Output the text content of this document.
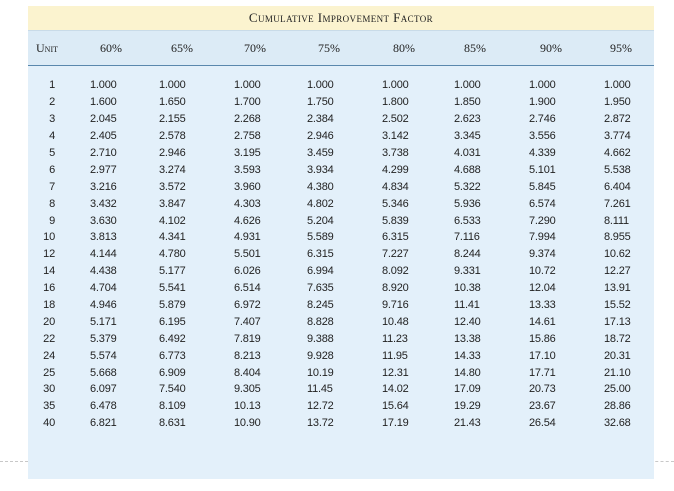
Cumulative Improvement Factor
Unit	60%	65%	70%	75%	80%	85%	90%	95%
1	1.000	1.000	1.000	1.000	1.000	1.000	1.000	1.000
2	1.600	1.650	1.700	1.750	1.800	1.850	1.900	1.950
3	2.045	2.155	2.268	2.384	2.502	2.623	2.746	2.872
4	2.405	2.578	2.758	2.946	3.142	3.345	3.556	3.774
5	2.710	2.946	3.195	3.459	3.738	4.031	4.339	4.662
6	2.977	3.274	3.593	3.934	4.299	4.688	5.101	5.538
7	3.216	3.572	3.960	4.380	4.834	5.322	5.845	6.404
8	3.432	3.847	4.303	4.802	5.346	5.936	6.574	7.261
9	3.630	4.102	4.626	5.204	5.839	6.533	7.290	8.111
10	3.813	4.341	4.931	5.589	6.315	7.116	7.994	8.955
12	4.144	4.780	5.501	6.315	7.227	8.244	9.374	10.62
14	4.438	5.177	6.026	6.994	8.092	9.331	10.72	12.27
16	4.704	5.541	6.514	7.635	8.920	10.38	12.04	13.91
18	4.946	5.879	6.972	8.245	9.716	11.41	13.33	15.52
20	5.171	6.195	7.407	8.828	10.48	12.40	14.61	17.13
22	5.379	6.492	7.819	9.388	11.23	13.38	15.86	18.72
24	5.574	6.773	8.213	9.928	11.95	14.33	17.10	20.31
25	5.668	6.909	8.404	10.19	12.31	14.80	17.71	21.10
30	6.097	7.540	9.305	11.45	14.02	17.09	20.73	25.00
35	6.478	8.109	10.13	12.72	15.64	19.29	23.67	28.86
40	6.821	8.631	10.90	13.72	17.19	21.43	26.54	32.68
